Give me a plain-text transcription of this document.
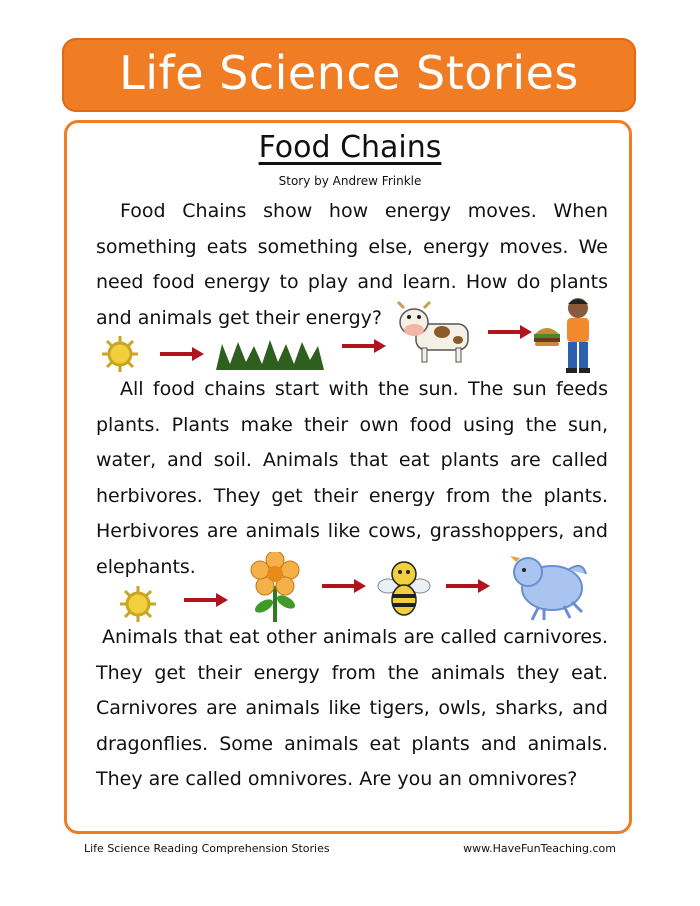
Life Science Stories
Food Chains
Story by Andrew Frinkle

Food Chains show how energy moves. When something eats something else, energy moves. We need food energy to play and learn. How do plants and animals get their energy?

All food chains start with the sun. The sun feeds plants. Plants make their own food using the sun, water, and soil. Animals that eat plants are called herbivores. They get their energy from the plants. Herbivores are animals like cows, grasshoppers, and elephants.

Animals that eat other animals are called carnivores. They get their energy from the animals they eat. Carnivores are animals like tigers, owls, sharks, and dragonflies. Some animals eat plants and animals. They are called omnivores. Are you an omnivores?

Life Science Reading Comprehension Stories	www.HaveFunTeaching.com
